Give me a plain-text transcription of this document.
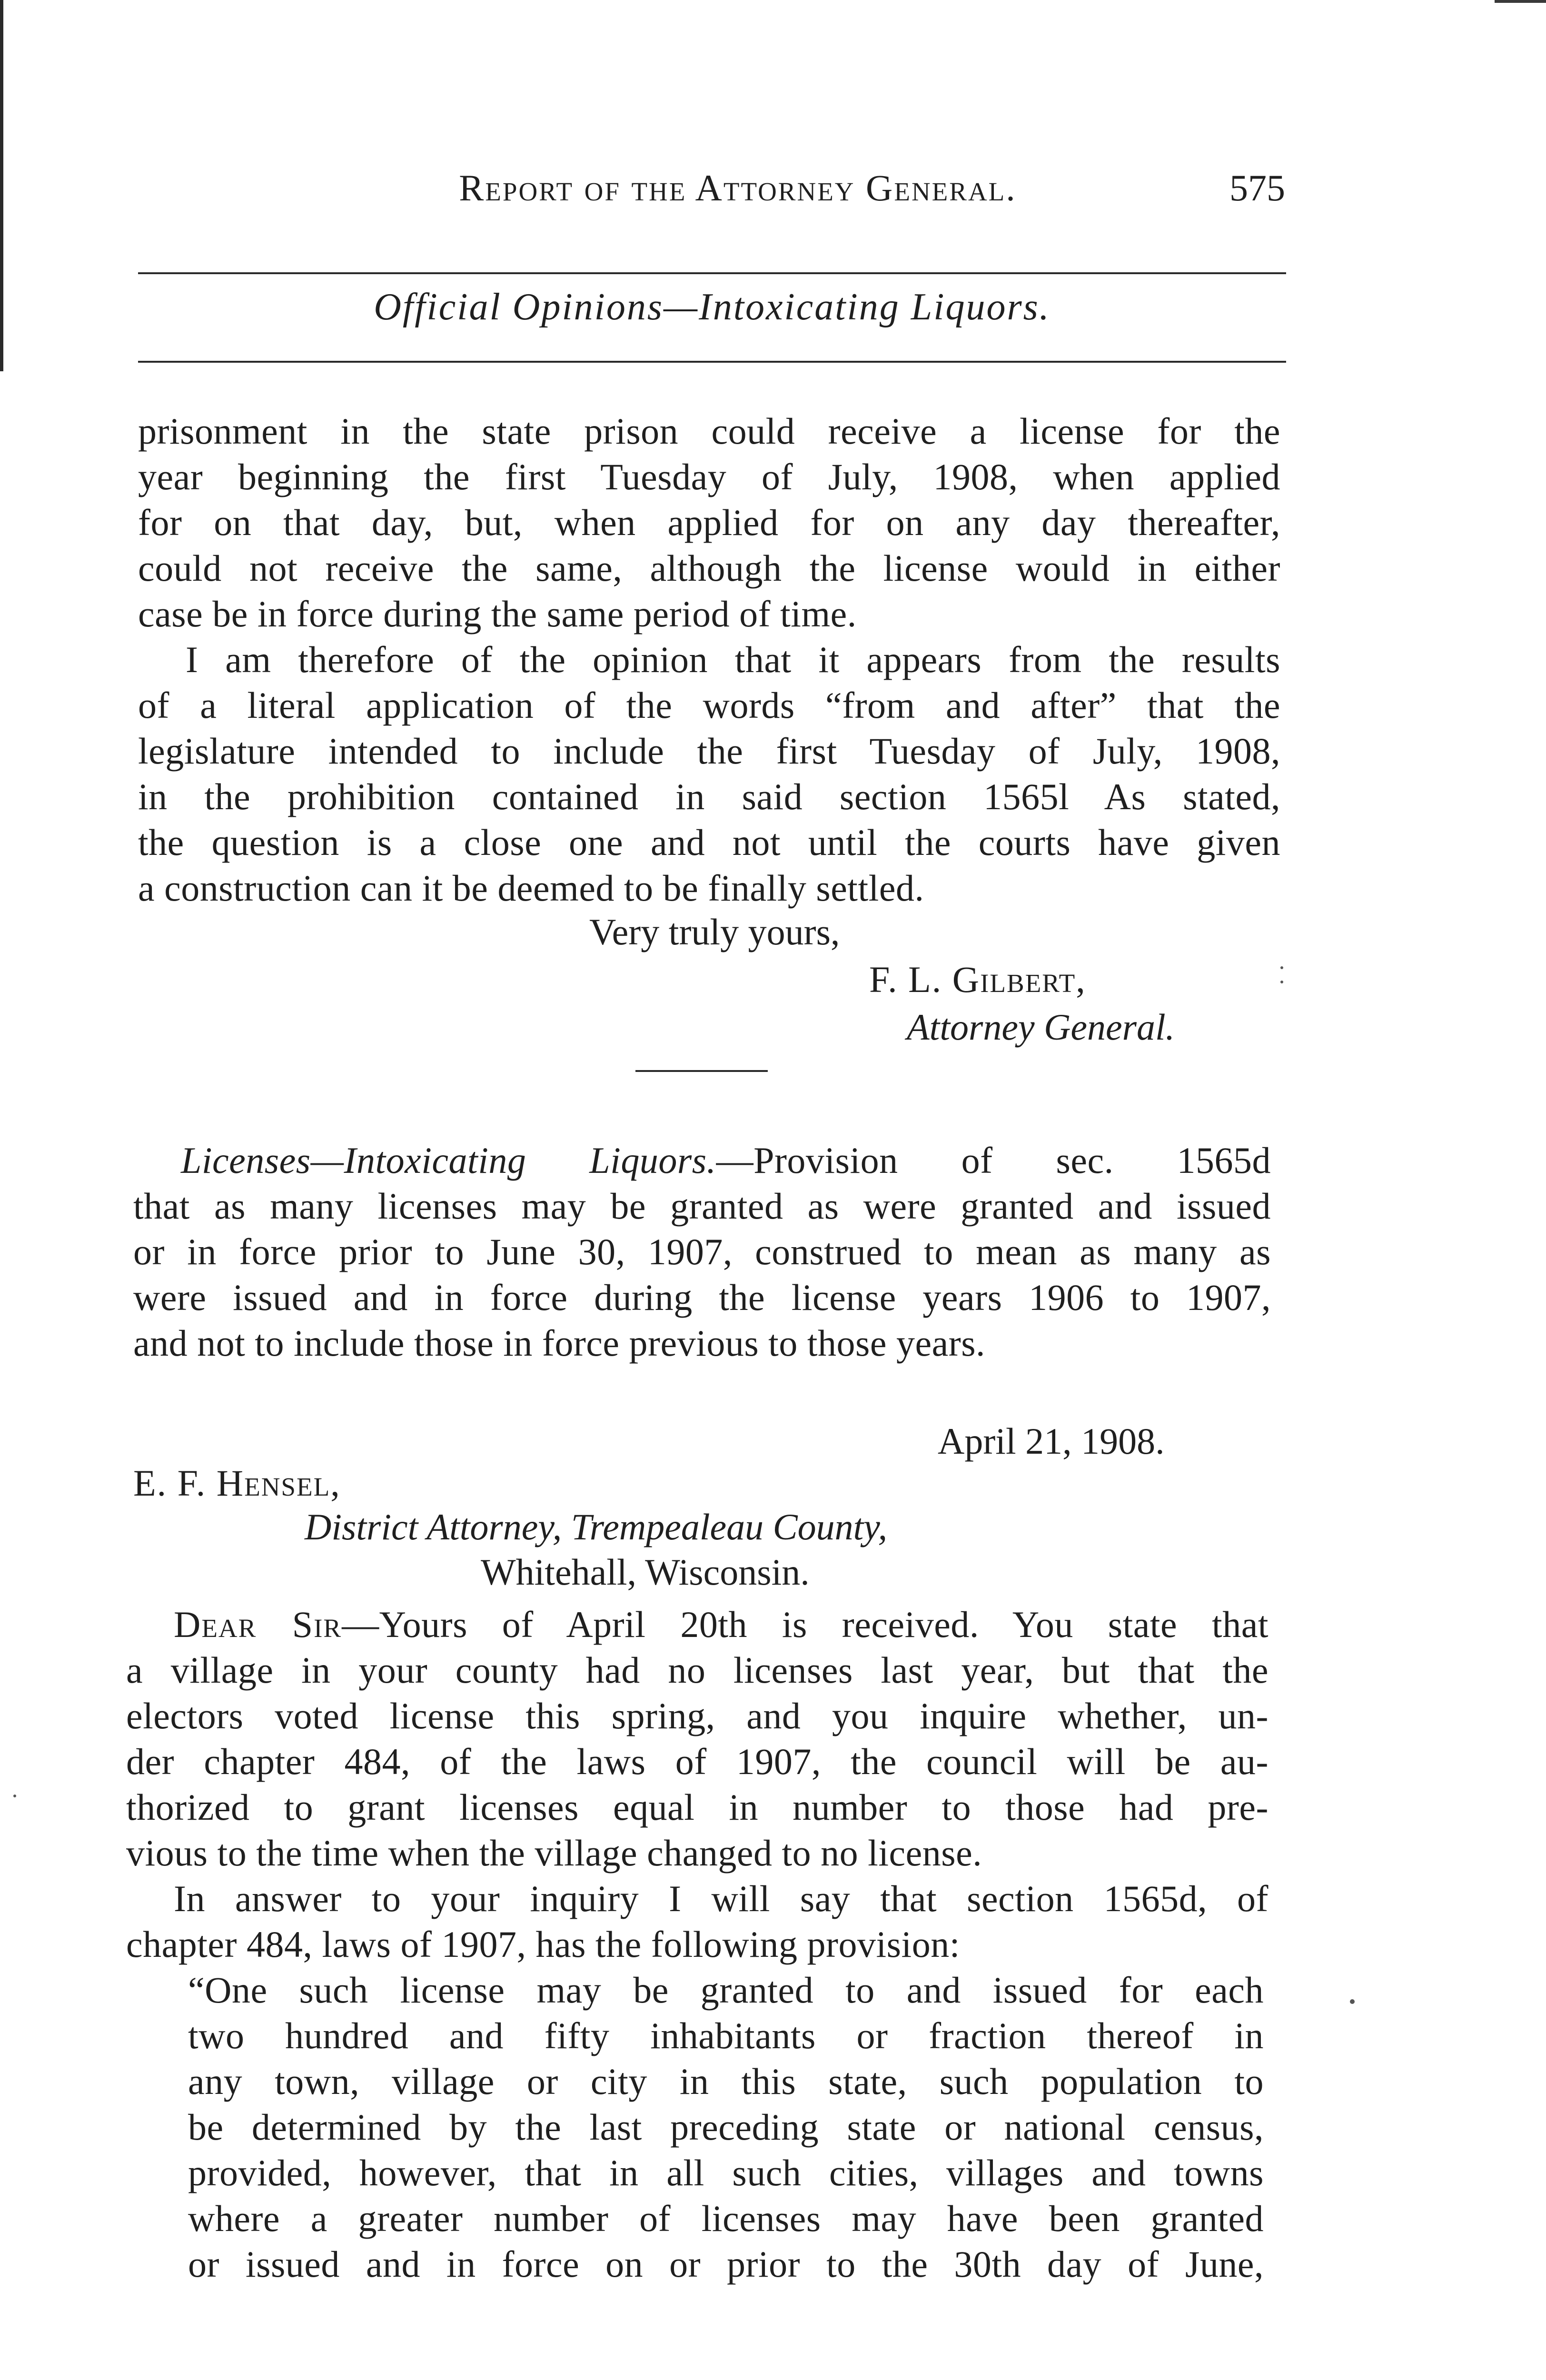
Report of the Attorney General.	575
Official Opinions—Intoxicating Liquors.
prisonment in the state prison could receive a license for the
year beginning the first Tuesday of July, 1908, when applied
for on that day, but, when applied for on any day thereafter,
could not receive the same, although the license would in either
case be in force during the same period of time.
I am therefore of the opinion that it appears from the results
of a literal application of the words “from and after” that the
legislature intended to include the first Tuesday of July, 1908,
in the prohibition contained in said section 1565l As stated,
the question is a close one and not until the courts have given
a construction can it be deemed to be finally settled.
Very truly yours,
F. L. Gilbert,
Attorney General.
Licenses—Intoxicating Liquors.—Provision of sec. 1565d
that as many licenses may be granted as were granted and issued
or in force prior to June 30, 1907, construed to mean as many as
were issued and in force during the license years 1906 to 1907,
and not to include those in force previous to those years.
April 21, 1908.
E. F. Hensel,
District Attorney, Trempealeau County,
Whitehall, Wisconsin.
Dear Sir—Yours of April 20th is received. You state that
a village in your county had no licenses last year, but that the
electors voted license this spring, and you inquire whether, un-
der chapter 484, of the laws of 1907, the council will be au-
thorized to grant licenses equal in number to those had pre-
vious to the time when the village changed to no license.
In answer to your inquiry I will say that section 1565d, of
chapter 484, laws of 1907, has the following provision:
“One such license may be granted to and issued for each
two hundred and fifty inhabitants or fraction thereof in
any town, village or city in this state, such population to
be determined by the last preceding state or national census,
provided, however, that in all such cities, villages and towns
where a greater number of licenses may have been granted
or issued and in force on or prior to the 30th day of June,
